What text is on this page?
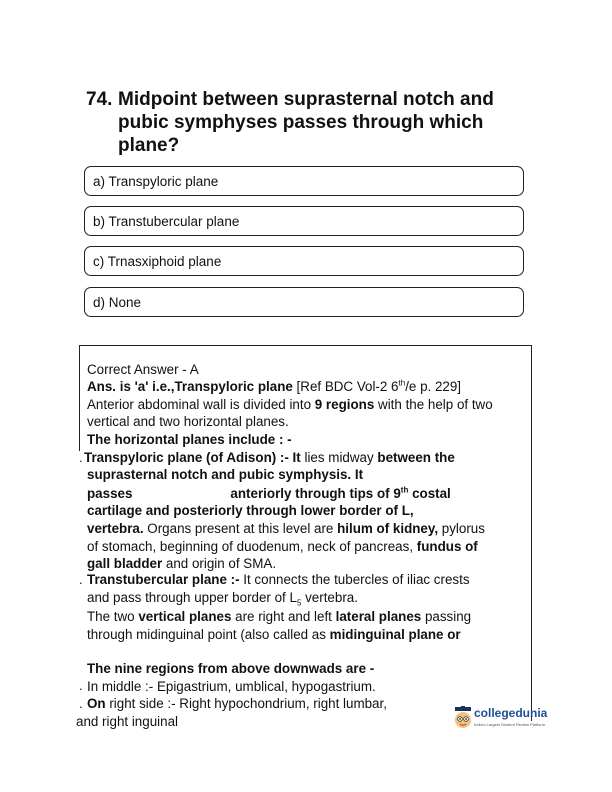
74. Midpoint between suprasternal notch and pubic symphyses passes through which plane?
a) Transpyloric plane
b) Transtubercular plane
c) Trnasxiphoid plane
d) None
Correct Answer - A
Ans. is 'a' i.e.,Transpyloric plane [Ref BDC Vol-2 6th/e p. 229]
Anterior abdominal wall is divided into 9 regions with the help of two
vertical and two horizontal planes.
The horizontal planes include : -
. Transpyloric plane (of Adison) :- It lies midway between the
suprasternal notch and pubic symphysis. It
passes	anteriorly through tips of 9th costal
cartilage and posteriorly through lower border of L,
vertebra. Organs present at this level are hilum of kidney, pylorus
of stomach, beginning of duodenum, neck of pancreas, fundus of
gall bladder and origin of SMA.
. Transtubercular plane :- It connects the tubercles of iliac crests
and pass through upper border of $L_5$ vertebra.
The two vertical planes are right and left lateral planes passing
through midinguinal point (also called as midinguinal plane or
The nine regions from above downwads are -
. In middle :- Epigastrium, umblical, hypogastrium.
. On right side :- Right hypochondrium, right lumbar,
and right inguinal
collegedunia
India's Largest Student Review Platform
